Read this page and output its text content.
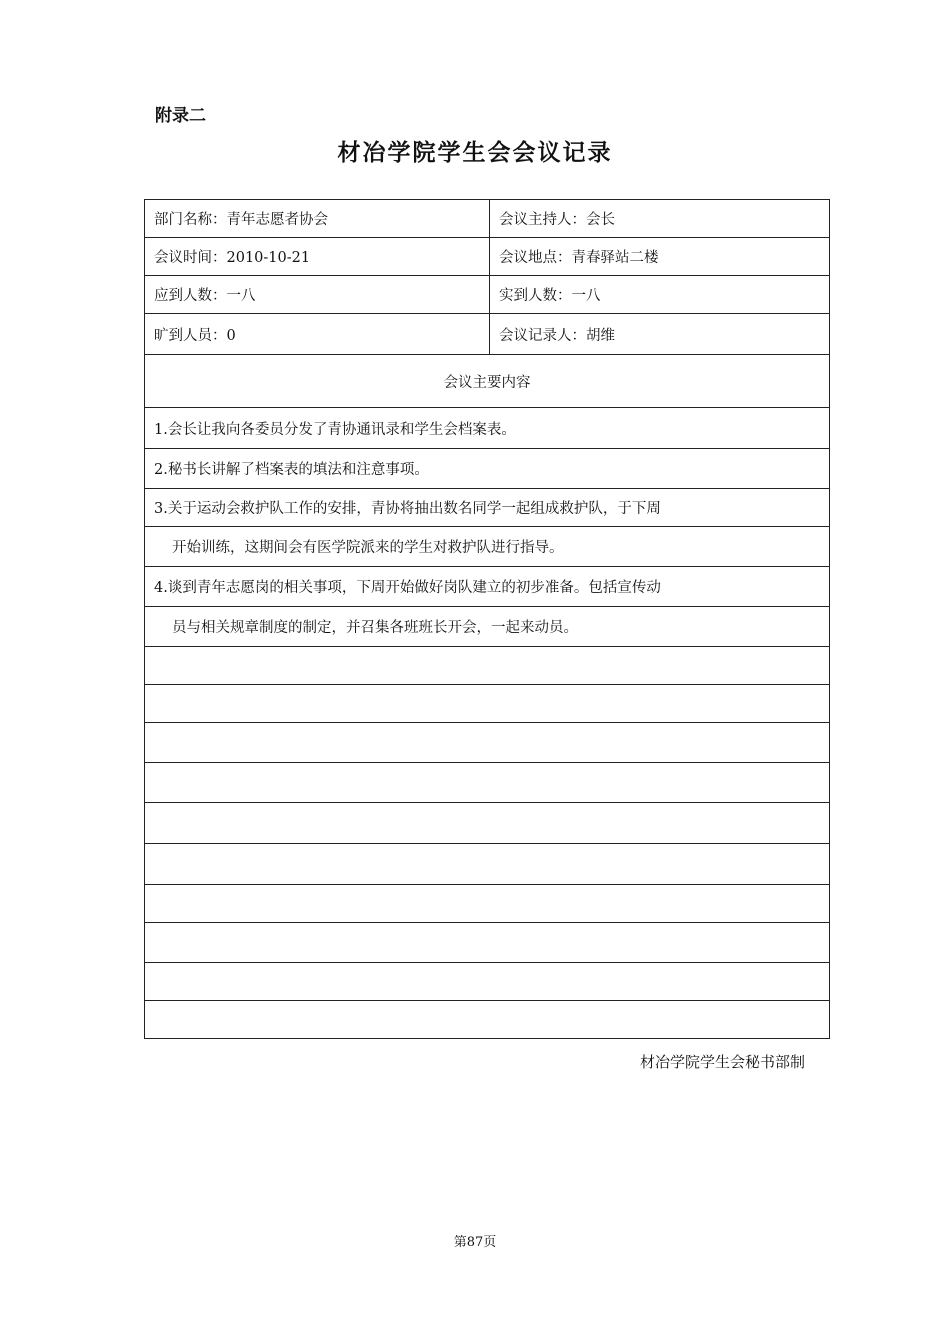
附录二
材冶学院学生会会议记录
部门名称：青年志愿者协会	会议主持人：会长
会议时间：2010-10-21	会议地点：青春驿站二楼
应到人数：一八	实到人数：一八
旷到人员：0	会议记录人：胡维
会议主要内容	
1.会长让我向各委员分发了青协通讯录和学生会档案表。	
2.秘书长讲解了档案表的填法和注意事项。	
3.关于运动会救护队工作的安排，青协将抽出数名同学一起组成救护队，于下周	
开始训练，这期间会有医学院派来的学生对救护队进行指导。	
4.谈到青年志愿岗的相关事项，下周开始做好岗队建立的初步准备。包括宣传动	
员与相关规章制度的制定，并召集各班班长开会，一起来动员。	

材冶学院学生会秘书部制
第87页
